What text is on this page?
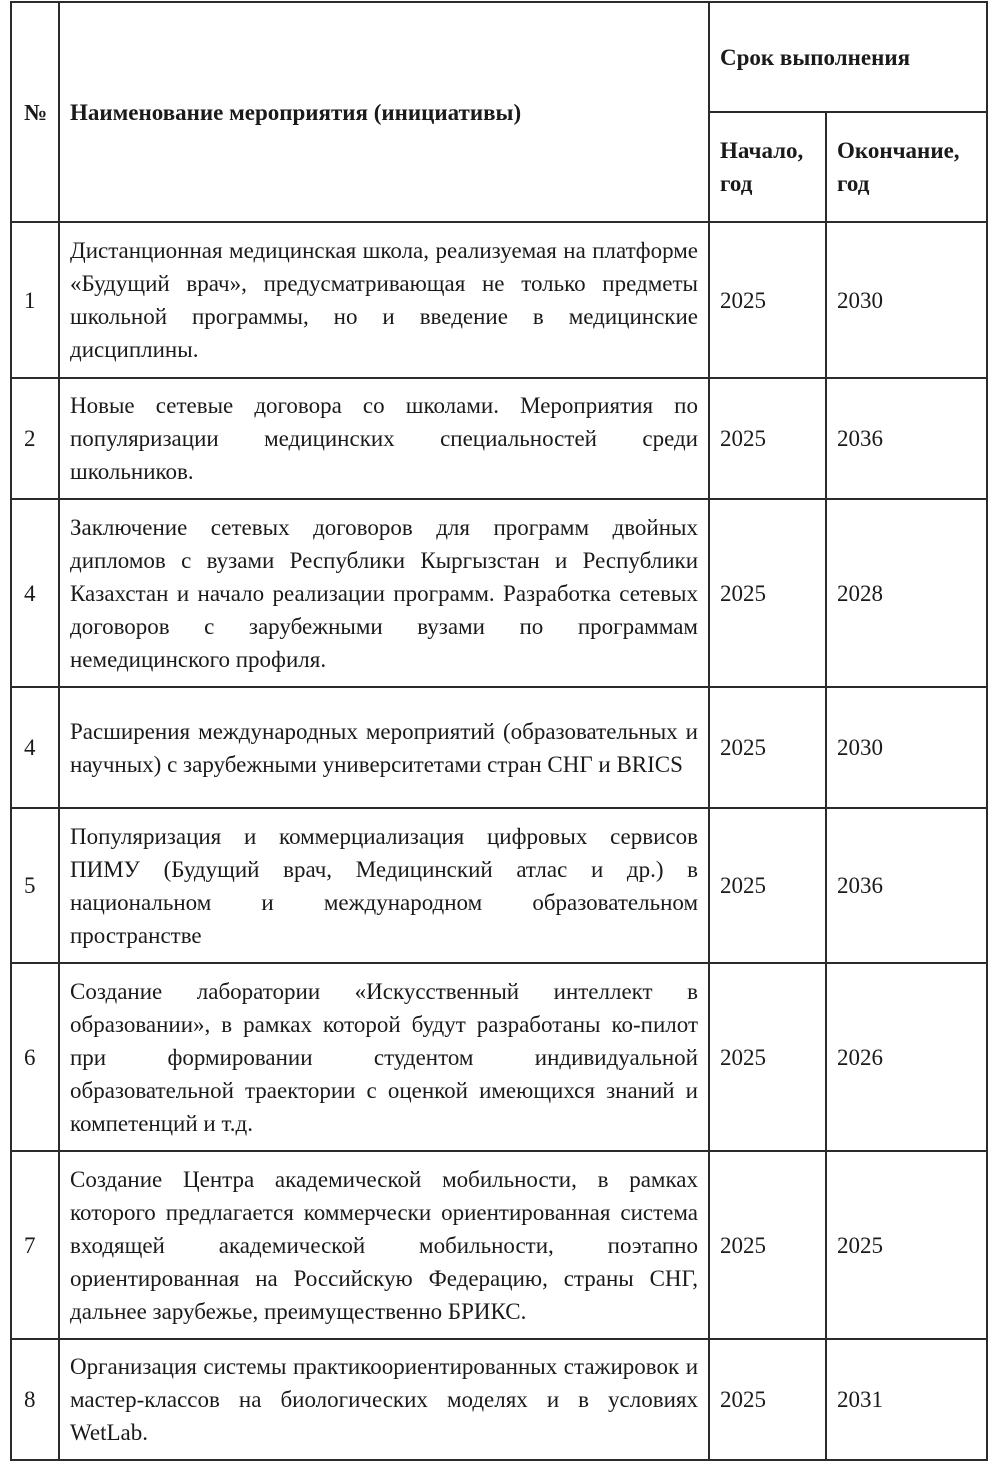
№	Наименование мероприятия (инициативы)	Срок выполнения	
		Начало, год	Окончание, год
1	Дистанционная медицинская школа, реализуемая на платформе «Будущий врач», предусматривающая не только предметы школьной программы, но и введение в медицинские дисциплины.	2025	2030
2	Новые сетевые договора со школами. Мероприятия по популяризации медицинских специальностей среди школьников.	2025	2036
4	Заключение сетевых договоров для программ двойных дипломов с вузами Республики Кыргызстан и Республики Казахстан и начало реализации программ. Разработка сетевых договоров с зарубежными вузами по программам немедицинского профиля.	2025	2028
4	Расширения международных мероприятий (образовательных и научных) с зарубежными университетами стран СНГ и BRICS	2025	2030
5	Популяризация и коммерциализация цифровых сервисов ПИМУ (Будущий врач, Медицинский атлас и др.) в национальном и международном образовательном пространстве	2025	2036
6	Создание лаборатории «Искусственный интеллект в образовании», в рамках которой будут разработаны ко-пилот при формировании студентом индивидуальной образовательной траектории с оценкой имеющихся знаний и компетенций и т.д.	2025	2026
7	Создание Центра академической мобильности, в рамках которого предлагается коммерчески ориентированная система входящей академической мобильности, поэтапно ориентированная на Российскую Федерацию, страны СНГ, дальнее зарубежье, преимущественно БРИКС.	2025	2025
8	Организация системы практикоориентированных стажировок и мастер-классов на биологических моделях и в условиях WetLab.	2025	2031
